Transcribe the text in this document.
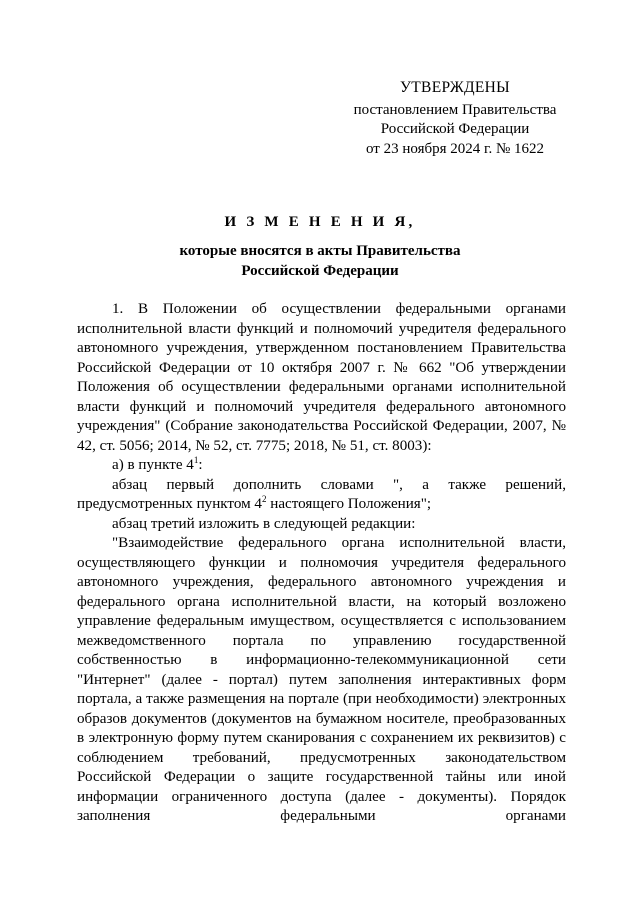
УТВЕРЖДЕНЫ
постановлением Правительства
Российской Федерации
от 23 ноября 2024 г. № 1622
И З М Е Н Е Н И Я,
которые вносятся в акты Правительства
Российской Федерации

1. В Положении об осуществлении федеральными органами исполнительной власти функций и полномочий учредителя федерального автономного учреждения, утвержденном постановлением Правительства Российской Федерации от 10 октября 2007 г. № 662 "Об утверждении Положения об осуществлении федеральными органами исполнительной власти функций и полномочий учредителя федерального автономного учреждения" (Собрание законодательства Российской Федерации, 2007, № 42, ст. 5056; 2014, № 52, ст. 7775; 2018, № 51, ст. 8003):

а) в пункте $4^1$:

абзац первый дополнить словами ", а также решений, предусмотренных пунктом $4^2$ настоящего Положения";

абзац третий изложить в следующей редакции:

"Взаимодействие федерального органа исполнительной власти, осуществляющего функции и полномочия учредителя федерального автономного учреждения, федерального автономного учреждения и федерального органа исполнительной власти, на который возложено управление федеральным имуществом, осуществляется с использованием межведомственного портала по управлению государственной собственностью в информационно-телекоммуникационной сети "Интернет" (далее - портал) путем заполнения интерактивных форм портала, а также размещения на портале (при необходимости) электронных образов документов (документов на бумажном носителе, преобразованных в электронную форму путем сканирования с сохранением их реквизитов) с соблюдением требований, предусмотренных законодательством Российской Федерации о защите государственной тайны или иной информации ограниченного доступа (далее - документы). Порядок заполнения федеральными органами
